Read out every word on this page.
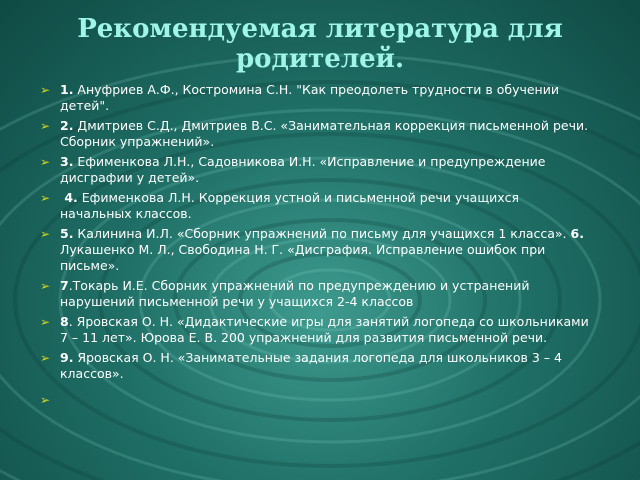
Рекомендуемая литература для родителей.
➢ 1. Ануфриев А.Ф., Костромина С.Н. "Как преодолеть трудности в обучении детей".
➢ 2. Дмитриев С.Д., Дмитриев В.С. «Занимательная коррекция письменной речи. Сборник упражнений».
➢ 3. Ефименкова Л.Н., Садовникова И.Н. «Исправление и предупреждение дисграфии у детей».
➢ 4. Ефименкова Л.Н. Коррекция устной и письменной речи учащихся начальных классов.
➢ 5. Калинина И.Л. «Сборник упражнений по письму для учащихся 1 класса». 6. Лукашенко М. Л., Свободина Н. Г. «Дисграфия. Исправление ошибок при письме».
➢ 7.Токарь И.Е. Сборник упражнений по предупреждению и устранений нарушений письменной речи у учащихся 2-4 классов
➢ 8. Яровская О. Н. «Дидактические игры для занятий логопеда со школьниками 7 – 11 лет». Юрова Е. В. 200 упражнений для развития письменной речи.
➢ 9. Яровская О. Н. «Занимательные задания логопеда для школьников 3 – 4 классов».
➢
